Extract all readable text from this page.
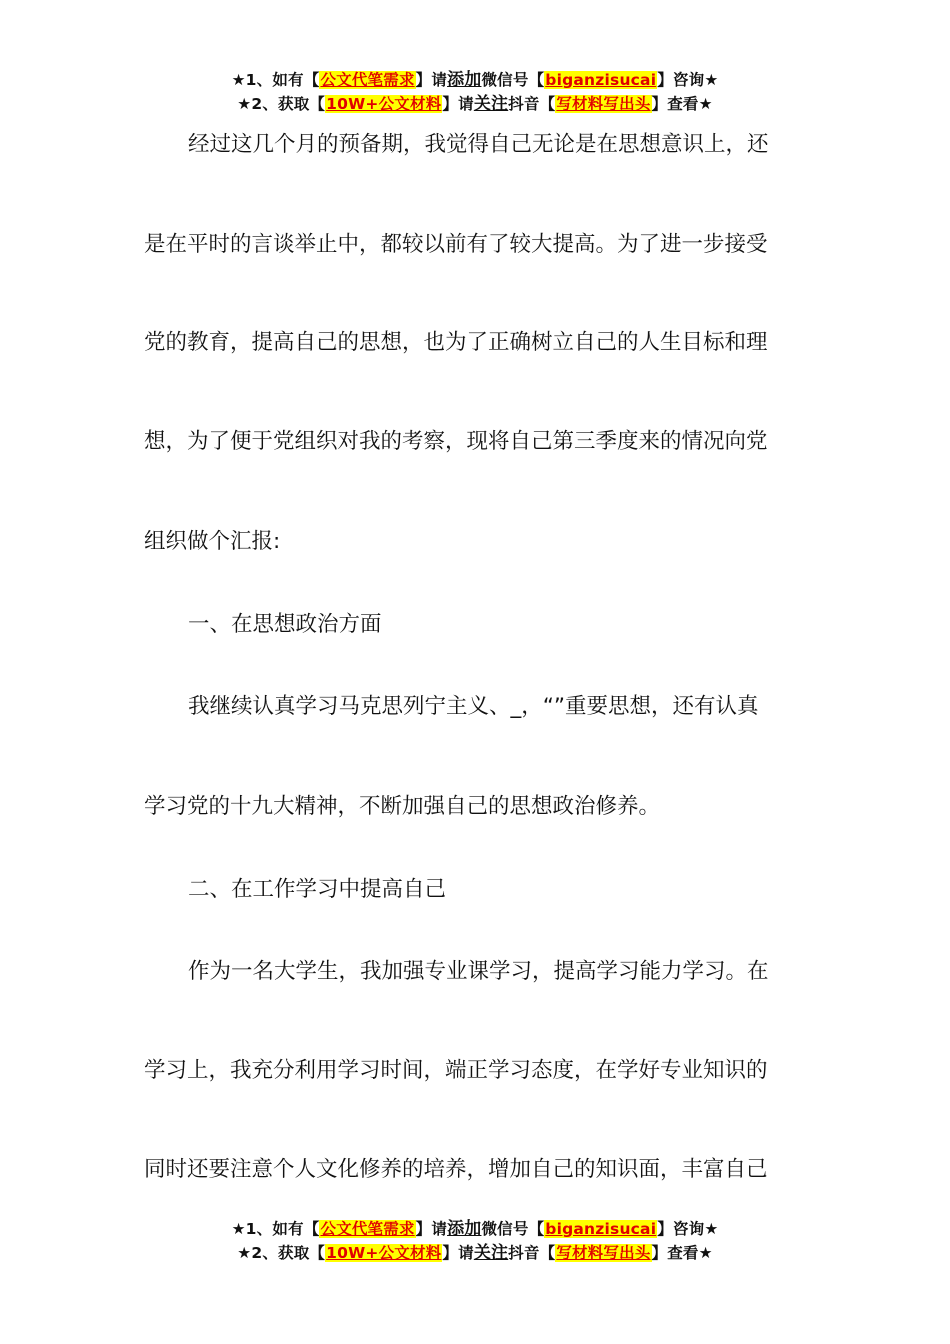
★1、如有【公文代笔需求】请添加微信号【biganzisucai】咨询★
★2、获取【10W+公文材料】请关注抖音【写材料写出头】查看★
经过这几个月的预备期，我觉得自己无论是在思想意识上，还
是在平时的言谈举止中，都较以前有了较大提高。为了进一步接受
党的教育，提高自己的思想，也为了正确树立自己的人生目标和理
想，为了便于党组织对我的考察，现将自己第三季度来的情况向党
组织做个汇报:
一、在思想政治方面
我继续认真学习马克思列宁主义、_，“”重要思想，还有认真
学习党的十九大精神，不断加强自己的思想政治修养。
二、在工作学习中提高自己
作为一名大学生，我加强专业课学习，提高学习能力学习。在
学习上，我充分利用学习时间，端正学习态度，在学好专业知识的
同时还要注意个人文化修养的培养，增加自己的知识面，丰富自己
★1、如有【公文代笔需求】请添加微信号【biganzisucai】咨询★
★2、获取【10W+公文材料】请关注抖音【写材料写出头】查看★
